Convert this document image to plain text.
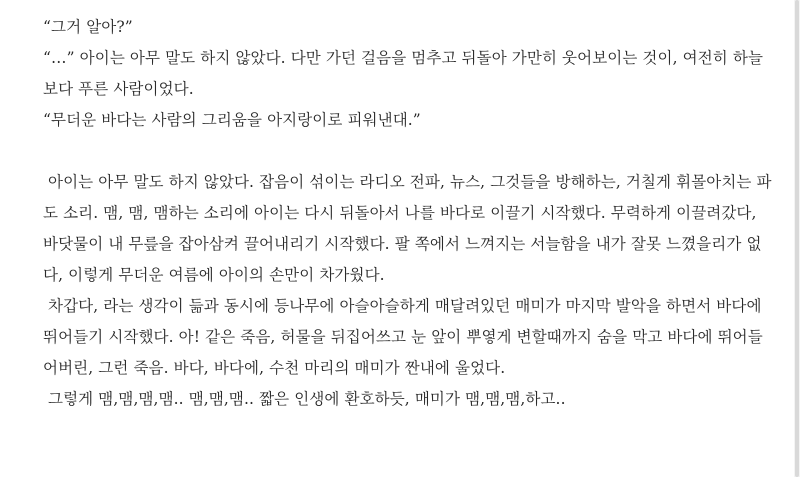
“그거 알아?”

“…” 아이는 아무 말도 하지 않았다. 다만 가던 걸음을 멈추고 뒤돌아 가만히 웃어보이는 것이, 여전히 하늘

보다 푸른 사람이었다.

“무더운 바다는 사람의 그리움을 아지랑이로 피워낸대.”

아이는 아무 말도 하지 않았다. 잡음이 섞이는 라디오 전파, 뉴스, 그것들을 방해하는, 거칠게 휘몰아치는 파

도 소리. 맴, 맴, 맴하는 소리에 아이는 다시 뒤돌아서 나를 바다로 이끌기 시작했다. 무력하게 이끌려갔다,

바닷물이 내 무릎을 잡아삼켜 끌어내리기 시작했다. 팔 쪽에서 느껴지는 서늘함을 내가 잘못 느꼈을리가 없

다, 이렇게 무더운 여름에 아이의 손만이 차가웠다.

차갑다, 라는 생각이 듦과 동시에 등나무에 아슬아슬하게 매달려있던 매미가 마지막 발악을 하면서 바다에

뛰어들기 시작했다. 아! 같은 죽음, 허물을 뒤집어쓰고 눈 앞이 뿌옇게 변할때까지 숨을 막고 바다에 뛰어들

어버린, 그런 죽음. 바다, 바다에, 수천 마리의 매미가 짠내에 울었다.

그렇게 맴,맴,맴,맴.. 맴,맴,맴.. 짧은 인생에 환호하듯, 매미가 맴,맴,맴,하고..
